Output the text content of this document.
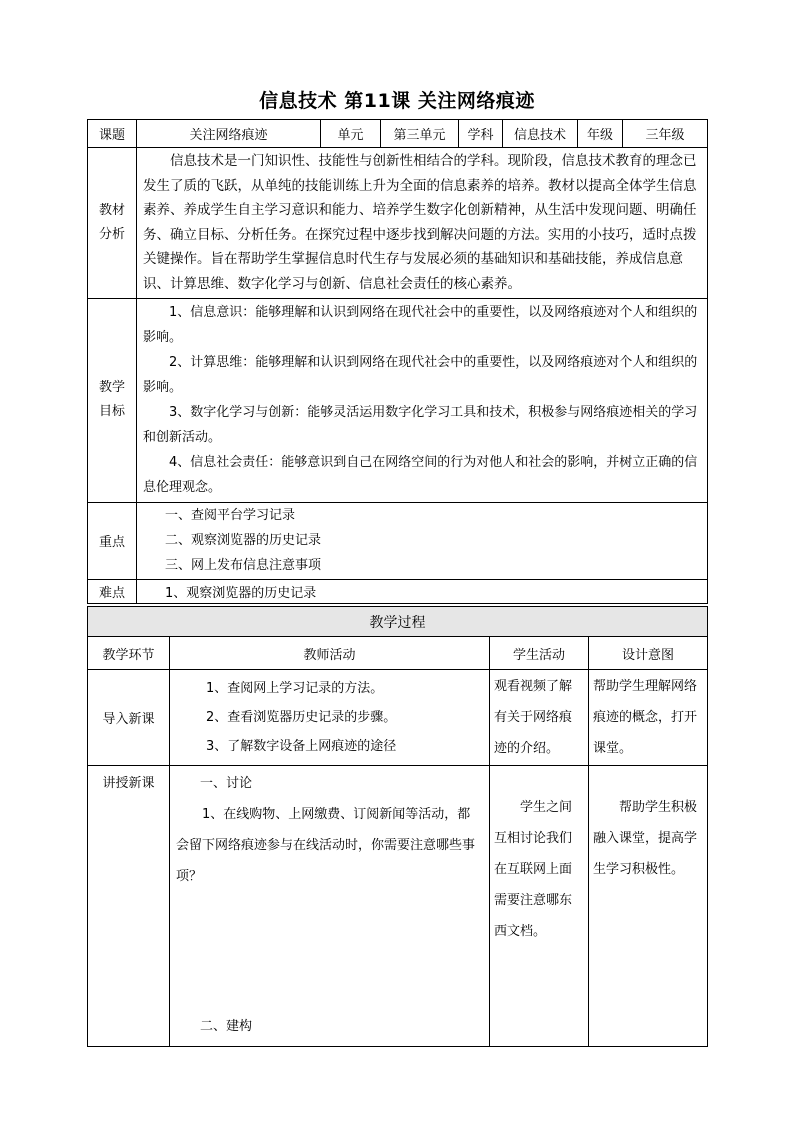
信息技术 第11课 关注网络痕迹
课题	关注网络痕迹	单元	第三单元	学科	信息技术	年级	三年级
教材分析	信息技术是一门知识性、技能性与创新性相结合的学科。现阶段，信息技术教育的理念已发生了质的飞跃，从单纯的技能训练上升为全面的信息素养的培养。教材以提高全体学生信息素养、养成学生自主学习意识和能力、培养学生数字化创新精神，从生活中发现问题、明确任务、确立目标、分析任务。在探究过程中逐步找到解决问题的方法。实用的小技巧，适时点拨关键操作。旨在帮助学生掌握信息时代生存与发展必须的基础知识和基础技能，养成信息意识、计算思维、数字化学习与创新、信息社会责任的核心素养。						

教学目标	1、信息意识：能够理解和认识到网络在现代社会中的重要性，以及网络痕迹对个人和组织的影响。

2、计算思维：能够理解和认识到网络在现代社会中的重要性，以及网络痕迹对个人和组织的影响。

3、数字化学习与创新：能够灵活运用数字化学习工具和技术，积极参与网络痕迹相关的学习和创新活动。

4、信息社会责任：能够意识到自己在网络空间的行为对他人和社会的影响，并树立正确的信息伦理观念。						

重点	一、查阅平台学习记录

二、观察浏览器的历史记录

三、网上发布信息注意事项						

难点	1、观察浏览器的历史记录						
教学过程			
教学环节	教师活动	学生活动	设计意图
导入新课	1、查阅网上学习记录的方法。

2、查看浏览器历史记录的步骤。

3、了解数字设备上网痕迹的途径	观看视频了解有关于网络痕迹的介绍。	帮助学生理解网络痕迹的概念，打开课堂。

讲授新课	一、讨论

1、在线购物、上网缴费、订阅新闻等活动，都会留下网络痕迹参与在线活动时，你需要注意哪些事项？

二、建构	学生之间互相讨论我们在互联网上面需要注意哪东西文档。	帮助学生积极融入课堂，提高学生学习积极性。
